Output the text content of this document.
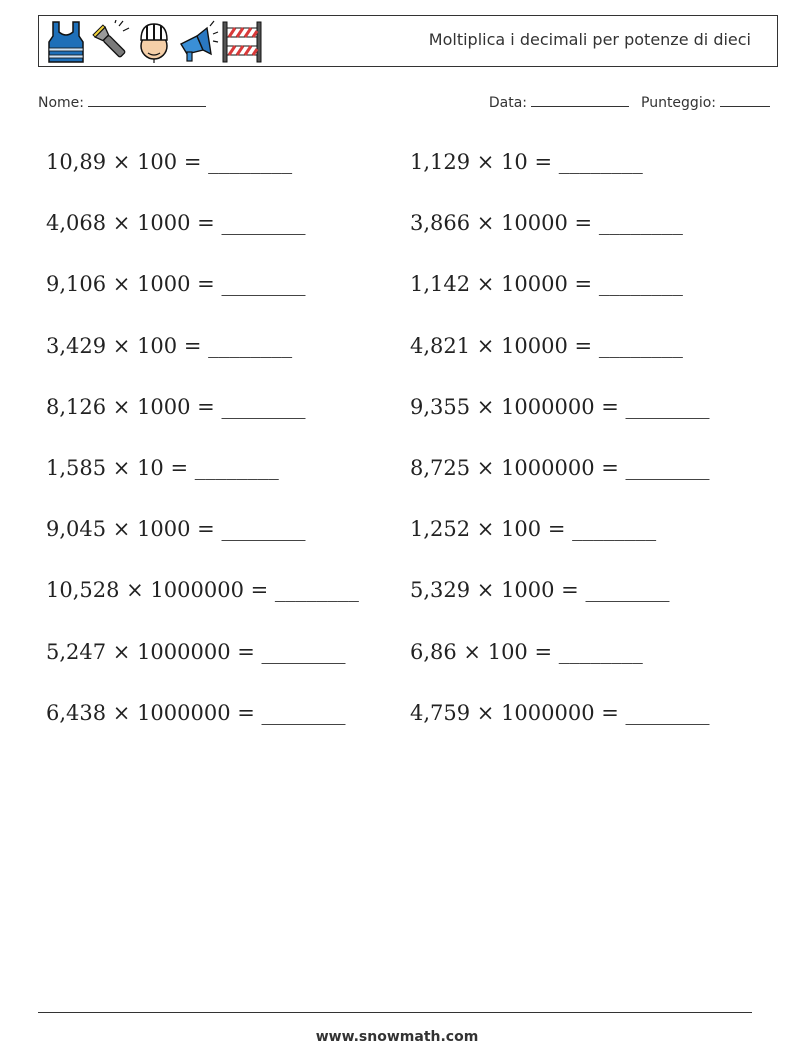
Moltiplica i decimali per potenze di dieci
Nome:	Data:	Punteggio:
10,89 × 100 = ________	1,129 × 10 = ________
4,068 × 1000 = ________	3,866 × 10000 = ________
9,106 × 1000 = ________	1,142 × 10000 = ________
3,429 × 100 = ________	4,821 × 10000 = ________
8,126 × 1000 = ________	9,355 × 1000000 = ________
1,585 × 10 = ________	8,725 × 1000000 = ________
9,045 × 1000 = ________	1,252 × 100 = ________
10,528 × 1000000 = ________ 5,329 × 1000 = ________
5,247 × 1000000 = ________	6,86 × 100 = ________
6,438 × 1000000 = ________	4,759 × 1000000 = ________
www.snowmath.com
